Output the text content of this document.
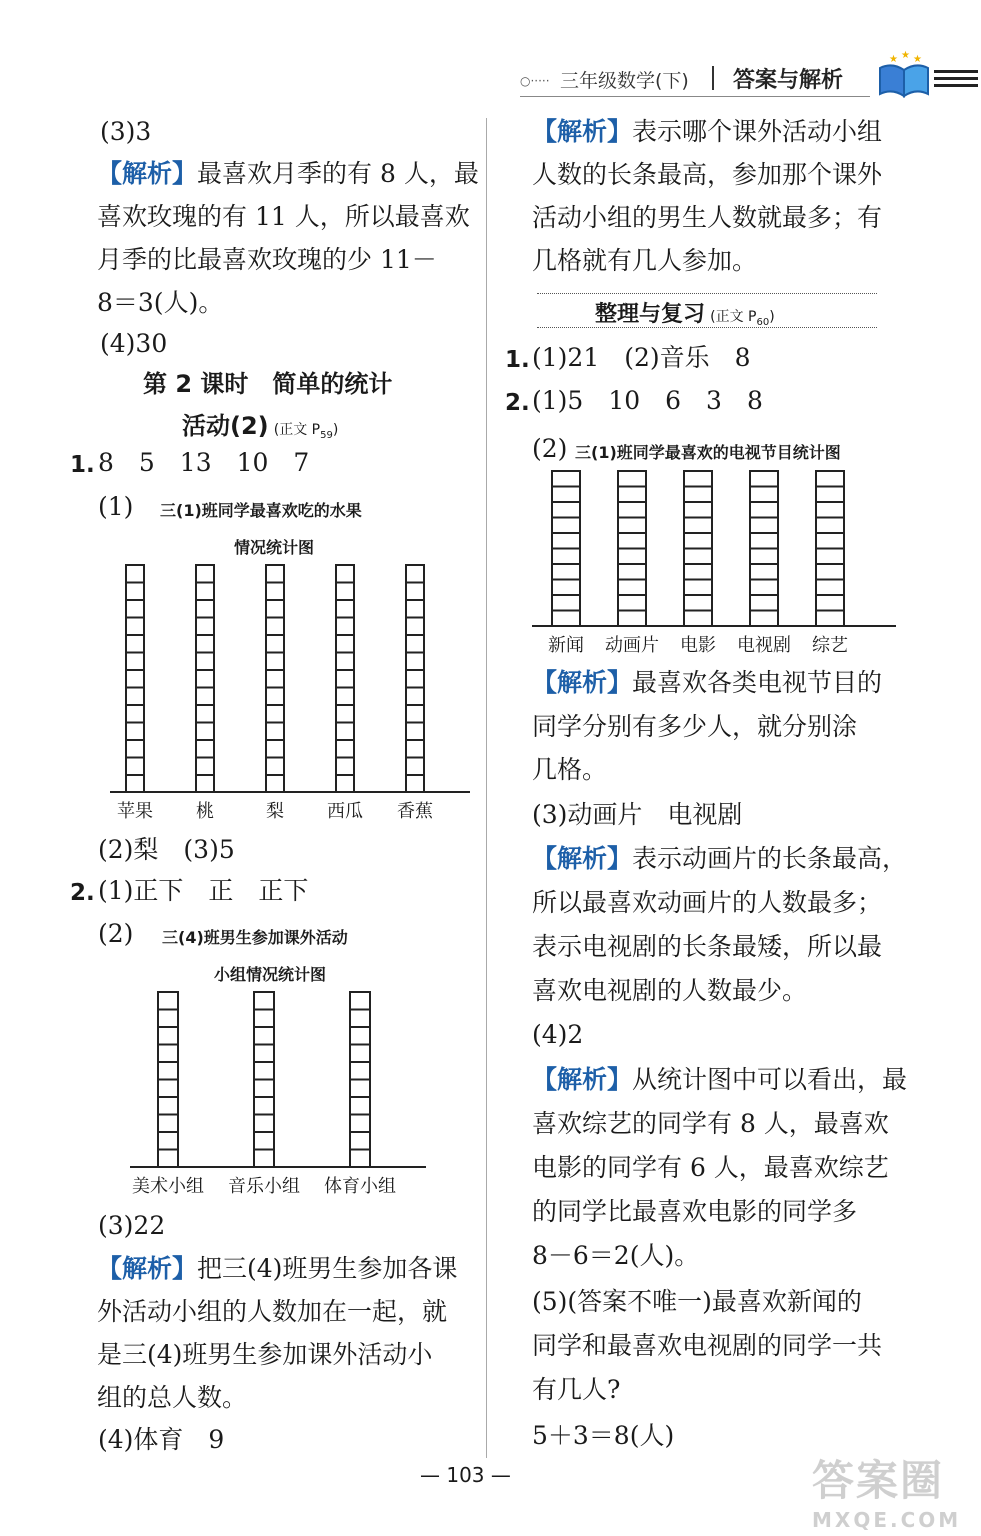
○‧‧‧‧‧ 三年级数学(下) 答案与解析
★ ★ ★
(3)3
【解析】最喜欢月季的有 8 人，最
喜欢玫瑰的有 11 人，所以最喜欢
月季的比最喜欢玫瑰的少 11－
8＝3(人)。
(4)30
第 2 课时　简单的统计
活动(2) (正文 $P_{59}$)
1. 8　5　13　10　7
(1) 三(1)班同学最喜欢吃的水果
情况统计图
苹果	桃	梨	西瓜	香蕉
(2)梨　(3)5
2. (1)正下　正　正下
(2) 三(4)班男生参加课外活动
小组情况统计图
美术小组	音乐小组	体育小组
(3)22
【解析】把三(4)班男生参加各课
外活动小组的人数加在一起，就
是三(4)班男生参加课外活动小
组的总人数。
(4)体育　9
【解析】表示哪个课外活动小组
人数的长条最高，参加那个课外
活动小组的男生人数就最多；有
几格就有几人参加。
整理与复习 (正文 $P_{60}$)
1. (1)21　(2)音乐　8
2. (1)5　10　6　3　8
(2) 三(1)班同学最喜欢的电视节目统计图
新闻	动画片	电影	电视剧	综艺
【解析】最喜欢各类电视节目的
同学分别有多少人，就分别涂
几格。
(3)动画片　电视剧
【解析】表示动画片的长条最高，
所以最喜欢动画片的人数最多；
表示电视剧的长条最矮，所以最
喜欢电视剧的人数最少。
(4)2
【解析】从统计图中可以看出，最
喜欢综艺的同学有 8 人，最喜欢
电影的同学有 6 人，最喜欢综艺
的同学比最喜欢电影的同学多
8－6＝2(人)。
(5)(答案不唯一)最喜欢新闻的
同学和最喜欢电视剧的同学一共
有几人?
5＋3＝8(人)
— 103 —	答案圈
MXQE.COM
